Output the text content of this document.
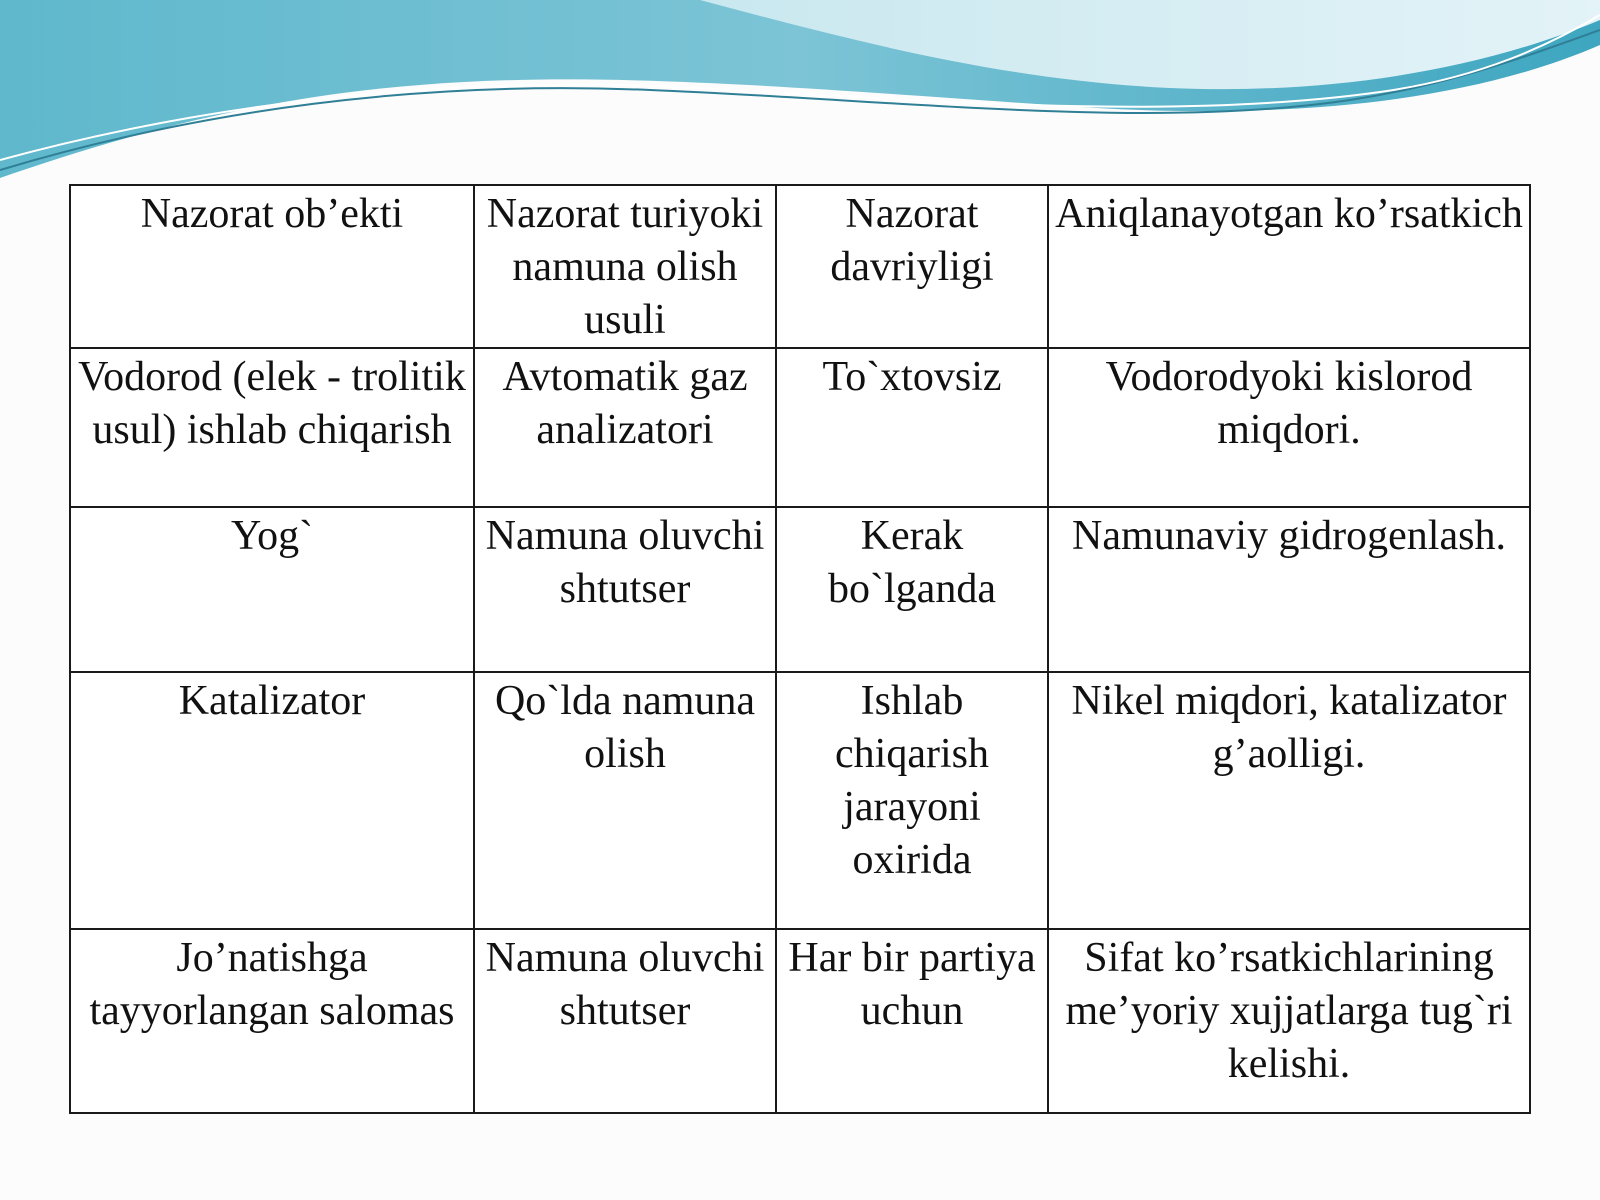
Nazorat ob’ekti	Nazorat turiyoki namuna olish usuli	Nazorat davriyligi	Aniqlanayotgan ko’rsatkich

Vodorod (elek - trolitik usul) ishlab chiqarish	Avtomatik gaz analizatori	To`xtovsiz	Vodorodyoki kislorod miqdori.

Yog`	Namuna oluvchi shtutser	Kerak bo`lganda	Namunaviy gidrogenlash.

Katalizator	Qo`lda namuna olish	Ishlab chiqarish jarayoni oxirida	Nikel miqdori, katalizator g’aolligi.

Jo’natishga tayyorlangan salomas	Namuna oluvchi shtutser	Har bir partiya uchun	Sifat ko’rsatkichlarining me’yoriy xujjatlarga tug`ri kelishi.
